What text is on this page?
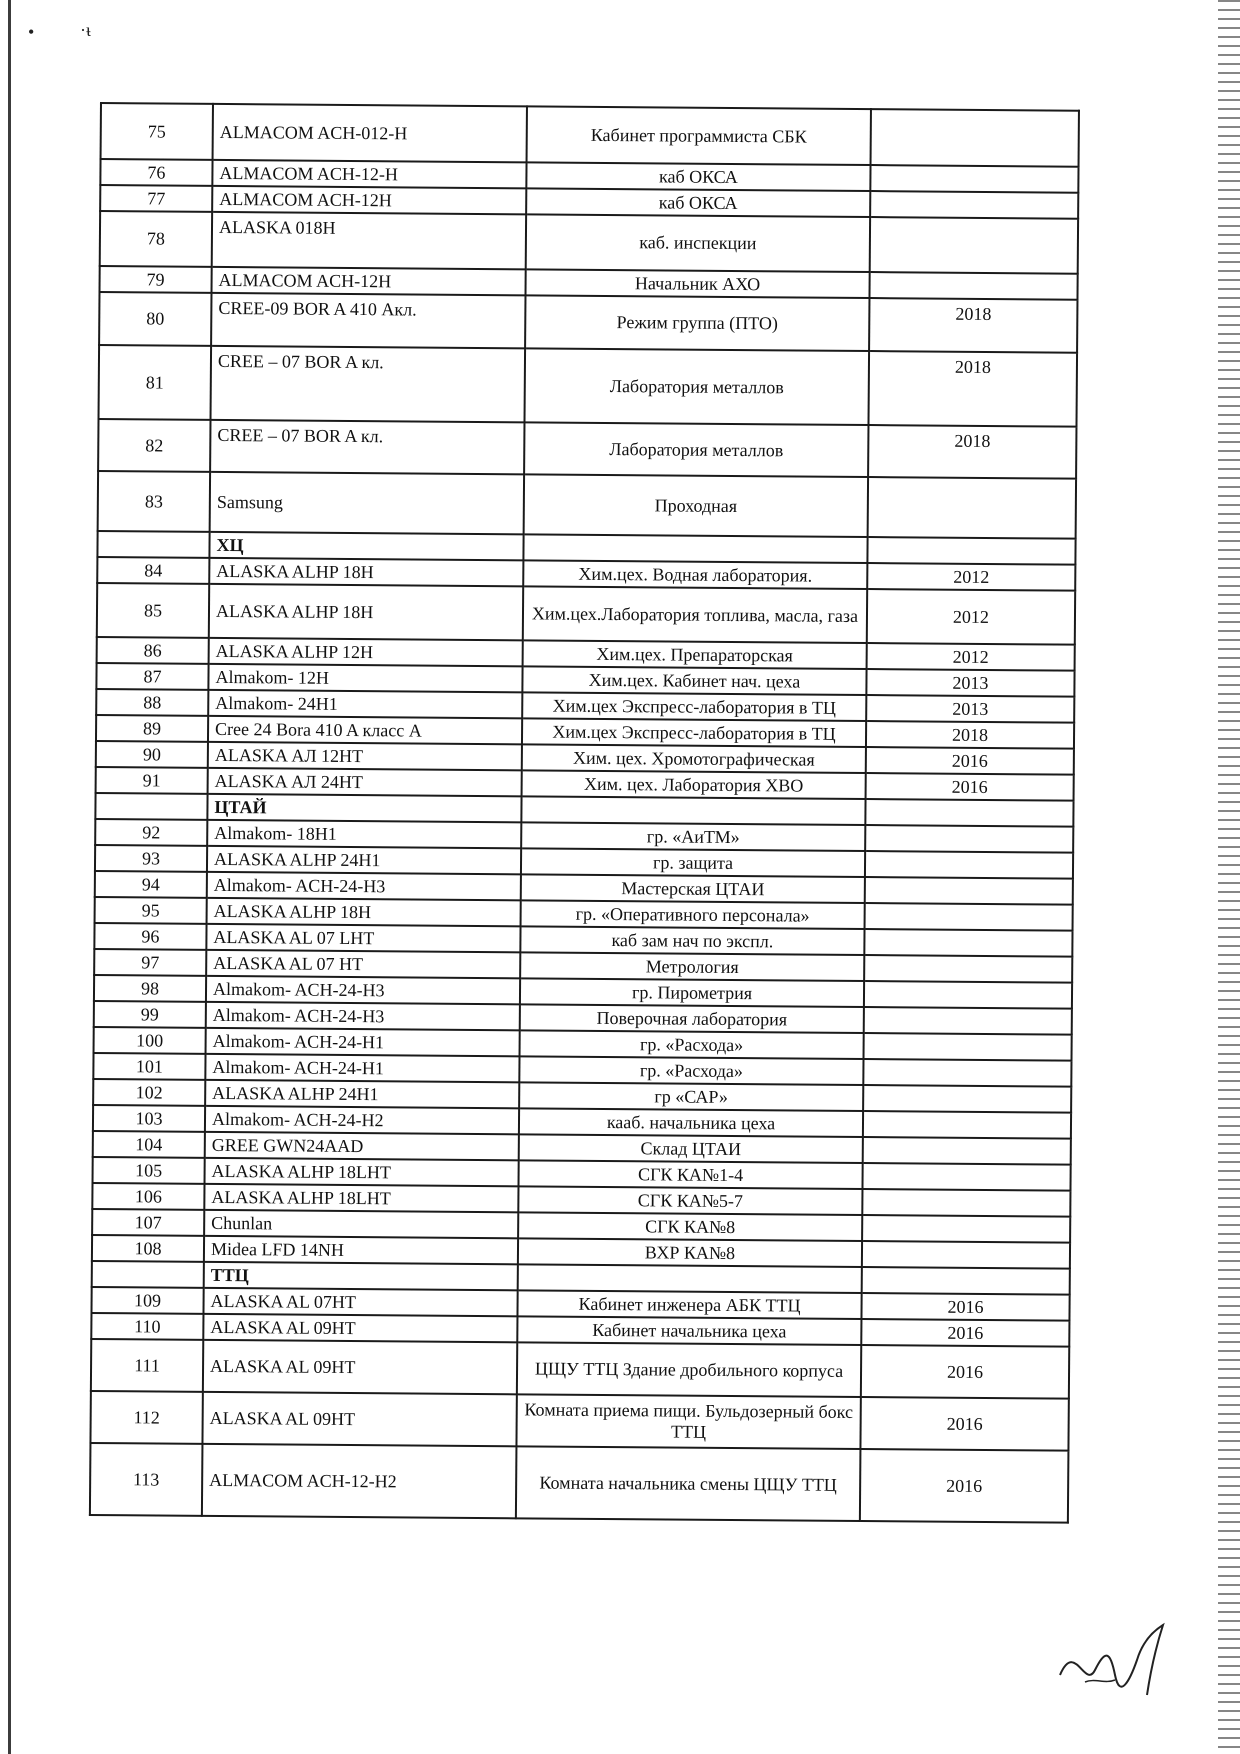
•	·ᵼ
75	ALMACOM ACH-012-H	Кабинет программиста СБК	
76	ALMACOM ACH-12-H	каб ОКСА	
77	ALMACOM ACH-12H	каб ОКСА	
78	ALASKA 018H	каб. инспекции	
79	ALMACOM ACH-12H	Начальник АХО	
80	CREE-09 BOR A 410 Акл.	Режим группа (ПТО)	2018
81	CREE – 07 BOR A кл.	Лаборатория металлов	2018
82	CREE – 07 BOR A кл.	Лаборатория металлов	2018
83	Samsung	Проходная	
	ХЦ		
84	ALASKA ALHP 18H	Хим.цех. Водная лаборатория.	2012
85	ALASKA ALHP 18H	Хим.цех.Лаборатория топлива, масла, газа	2012
86	ALASKA ALHP 12H	Хим.цех. Препараторская	2012
87	Almakom- 12H	Хим.цех. Кабинет нач. цеха	2013
88	Almakom- 24H1	Хим.цех Экспресс-лаборатория в ТЦ	2013
89	Cree 24 Bora 410 A класс A	Хим.цех Экспресс-лаборатория в ТЦ	2018
90	ALASKA АЛ 12HT	Хим. цех. Хромотографическая	2016
91	ALASKA АЛ 24HT	Хим. цех. Лаборатория ХВО	2016
	ЦТАЙ		
92	Almakom- 18H1	гр. «АиТМ»	
93	ALASKA ALHP 24H1	гр. защита	
94	Almakom- ACH-24-H3	Мастерская ЦТАИ	
95	ALASKA ALHP 18H	гр. «Оперативного персонала»	
96	ALASKA AL 07 LHT	каб зам нач по экспл.	
97	ALASKA AL 07 HT	Метрология	
98	Almakom- ACH-24-H3	гр. Пирометрия	
99	Almakom- ACH-24-H3	Поверочная лаборатория	
100	Almakom- ACH-24-H1	гр. «Расхода»	
101	Almakom- ACH-24-H1	гр. «Расхода»	
102	ALASKA ALHP 24H1	гр «САР»	
103	Almakom- ACH-24-H2	кааб. начальника цеха	
104	GREE GWN24AAD	Склад ЦТАИ	
105	ALASKA ALHP 18LHT	СГК КА№1-4	
106	ALASKA ALHP 18LHT	СГК КА№5-7	
107	Chunlan	СГК КА№8	
108	Midea LFD 14NH	ВХР КА№8	
	ТТЦ		
109	ALASKA AL 07HT	Кабинет инженера АБК ТТЦ	2016
110	ALASKA AL 09HT	Кабинет начальника цеха	2016
111	ALASKA AL 09HT	ЦЩУ ТТЦ Здание дробильного корпуса	2016
112	ALASKA AL 09HT	Комната приема пищи. Бульдозерный бокс ТТЦ	2016
113	ALMACOM ACH-12-H2	Комната начальника смены ЦЩУ ТТЦ	2016
